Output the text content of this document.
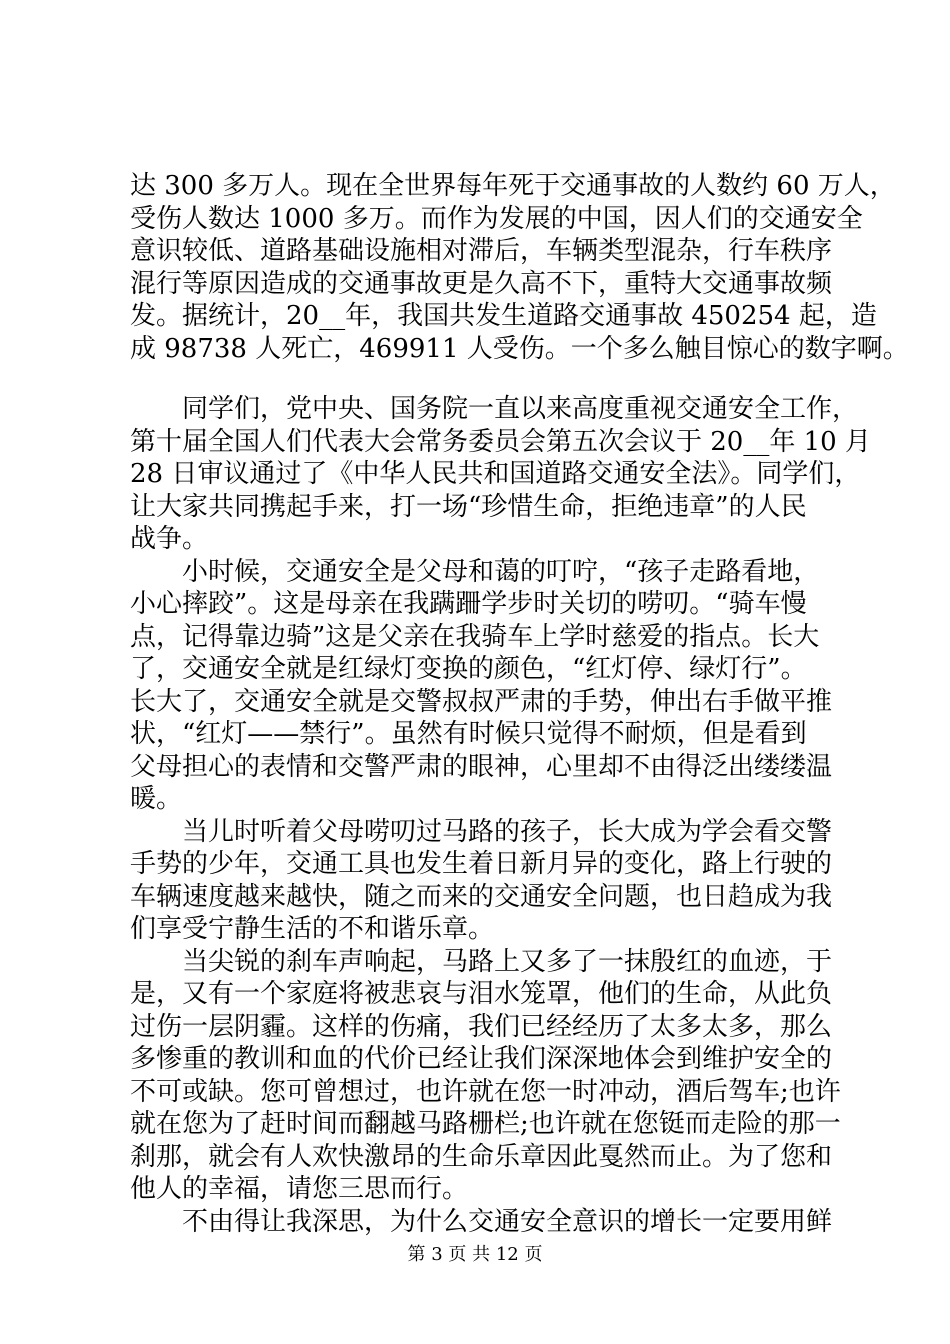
达 300 多万人。现在全世界每年死于交通事故的人数约 60 万人，
受伤人数达 1000 多万。而作为发展的中国，因人们的交通安全
意识较低、道路基础设施相对滞后，车辆类型混杂，行车秩序
混行等原因造成的交通事故更是久高不下，重特大交通事故频
发。据统计，20__年，我国共发生道路交通事故 450254 起，造
成 98738 人死亡，469911 人受伤。一个多么触目惊心的数字啊。
　　同学们，党中央、国务院一直以来高度重视交通安全工作，
第十届全国人们代表大会常务委员会第五次会议于 20__年 10 月
28 日审议通过了《中华人民共和国道路交通安全法》。同学们，
让大家共同携起手来，打一场“珍惜生命，拒绝违章”的人民
战争。
　　小时候，交通安全是父母和蔼的叮咛，“孩子走路看地，
小心摔跤”。这是母亲在我蹒跚学步时关切的唠叨。“骑车慢
点，记得靠边骑”这是父亲在我骑车上学时慈爱的指点。长大
了，交通安全就是红绿灯变换的颜色，“红灯停、绿灯行”。
长大了，交通安全就是交警叔叔严肃的手势，伸出右手做平推
状，“红灯——禁行”。虽然有时候只觉得不耐烦，但是看到
父母担心的表情和交警严肃的眼神，心里却不由得泛出缕缕温
暖。
　　当儿时听着父母唠叨过马路的孩子，长大成为学会看交警
手势的少年，交通工具也发生着日新月异的变化，路上行驶的
车辆速度越来越快，随之而来的交通安全问题，也日趋成为我
们享受宁静生活的不和谐乐章。
　　当尖锐的刹车声响起，马路上又多了一抹殷红的血迹，于
是，又有一个家庭将被悲哀与泪水笼罩，他们的生命，从此负
过伤一层阴霾。这样的伤痛，我们已经经历了太多太多，那么
多惨重的教训和血的代价已经让我们深深地体会到维护安全的
不可或缺。您可曾想过，也许就在您一时冲动，酒后驾车;也许
就在您为了赶时间而翻越马路栅栏;也许就在您铤而走险的那一
刹那，就会有人欢快激昂的生命乐章因此戛然而止。为了您和
他人的幸福，请您三思而行。
　　不由得让我深思，为什么交通安全意识的增长一定要用鲜
第 3 页 共 12 页
